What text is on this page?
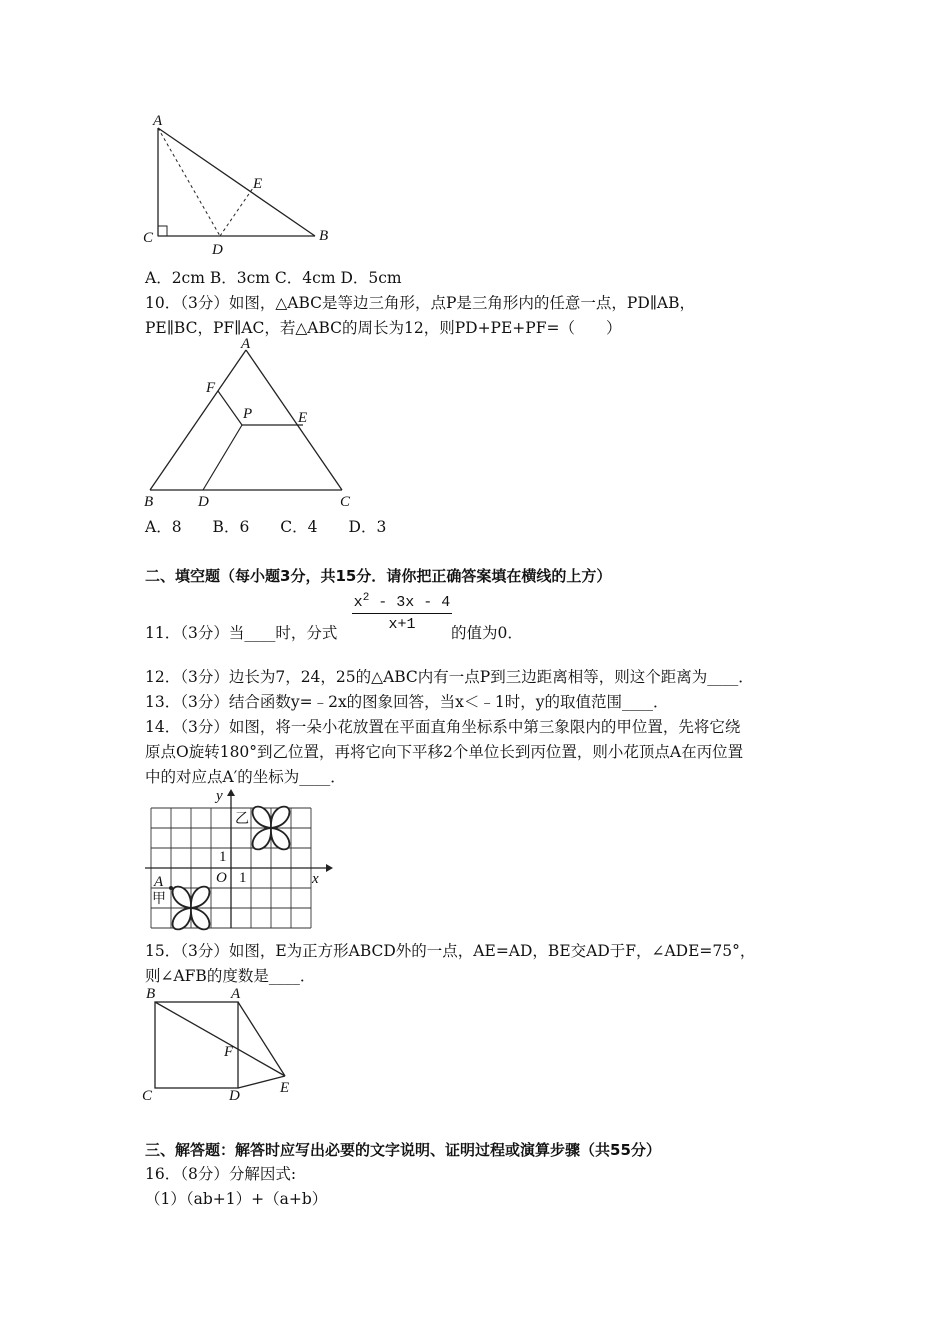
A
E
C
D
B
A．2cm B．3cm C．4cm D．5cm
10．（3分）如图，△ABC是等边三角形，点P是三角形内的任意一点，PD∥AB，
PE∥BC，PF∥AC，若△ABC的周长为12，则PD+PE+PF=（　　）
A
F
P	E
B	D	C
A．8　　B．6　　C．4　　D．3
二、填空题（每小题3分，共15分．请你把正确答案填在横线的上方）
11．（3分）当____时，分式 $\frac{x^2 - 3x - 4}{x+1}$ 的值为0．
12．（3分）边长为7，24，25的△ABC内有一点P到三边距离相等，则这个距离为____．
13．（3分）结合函数y=﹣2x的图象回答，当x＜﹣1时，y的取值范围____．
14．（3分）如图，将一朵小花放置在平面直角坐标系中第三象限内的甲位置，先将它绕
原点O旋转180°到乙位置，再将它向下平移2个单位长到丙位置，则小花顶点A在丙位置
中的对应点A′的坐标为____．
y
x
O 1
1
A
甲
乙
15．（3分）如图，E为正方形ABCD外的一点，AE=AD，BE交AD于F，∠ADE=75°，
则∠AFB的度数是____．
B	A
F
E
C	D
三、解答题：解答时应写出必要的文字说明、证明过程或演算步骤（共55分）
16．（8分）分解因式:
（1）（ab+1）+（a+b）
